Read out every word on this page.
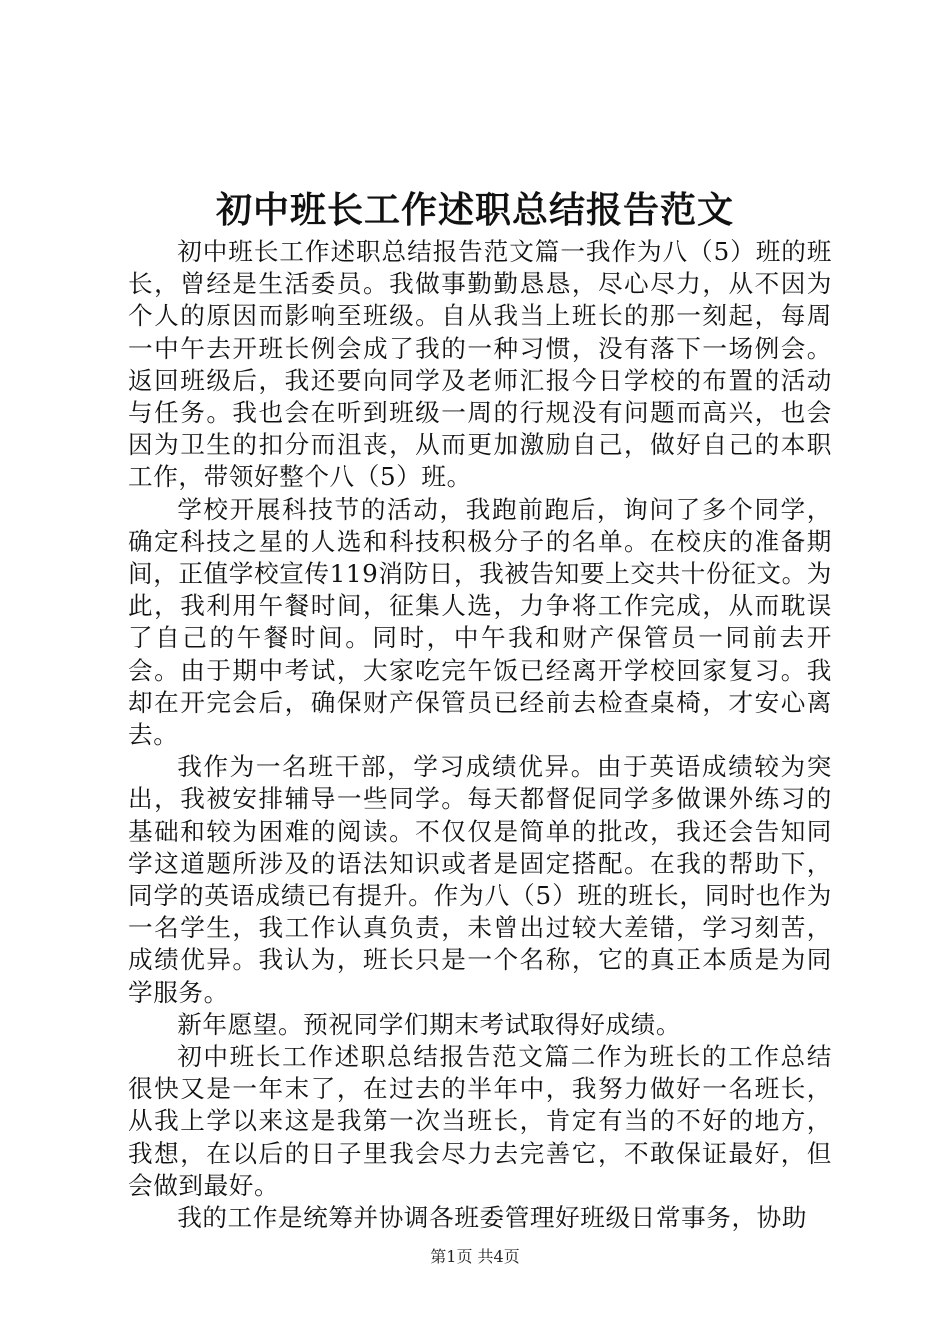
初中班长工作述职总结报告范文

初中班长工作述职总结报告范文篇一我作为八（5）班的班长，曾经是生活委员。我做事勤勤恳恳，尽心尽力，从不因为个人的原因而影响至班级。自从我当上班长的那一刻起，每周一中午去开班长例会成了我的一种习惯，没有落下一场例会。返回班级后，我还要向同学及老师汇报今日学校的布置的活动与任务。我也会在听到班级一周的行规没有问题而高兴，也会因为卫生的扣分而沮丧，从而更加激励自己，做好自己的本职工作，带领好整个八（5）班。

学校开展科技节的活动，我跑前跑后，询问了多个同学，确定科技之星的人选和科技积极分子的名单。在校庆的准备期间，正值学校宣传119消防日，我被告知要上交共十份征文。为此，我利用午餐时间，征集人选，力争将工作完成，从而耽误了自己的午餐时间。同时，中午我和财产保管员一同前去开会。由于期中考试，大家吃完午饭已经离开学校回家复习。我却在开完会后，确保财产保管员已经前去检查桌椅，才安心离去。

我作为一名班干部，学习成绩优异。由于英语成绩较为突出，我被安排辅导一些同学。每天都督促同学多做课外练习的基础和较为困难的阅读。不仅仅是简单的批改，我还会告知同学这道题所涉及的语法知识或者是固定搭配。在我的帮助下，同学的英语成绩已有提升。作为八（5）班的班长，同时也作为一名学生，我工作认真负责，未曾出过较大差错，学习刻苦，成绩优异。我认为，班长只是一个名称，它的真正本质是为同学服务。

新年愿望。预祝同学们期末考试取得好成绩。

初中班长工作述职总结报告范文篇二作为班长的工作总结很快又是一年末了，在过去的半年中，我努力做好一名班长，从我上学以来这是我第一次当班长，肯定有当的不好的地方，我想，在以后的日子里我会尽力去完善它，不敢保证最好，但会做到最好。

我的工作是统筹并协调各班委管理好班级日常事务，协助

第1页 共4页
